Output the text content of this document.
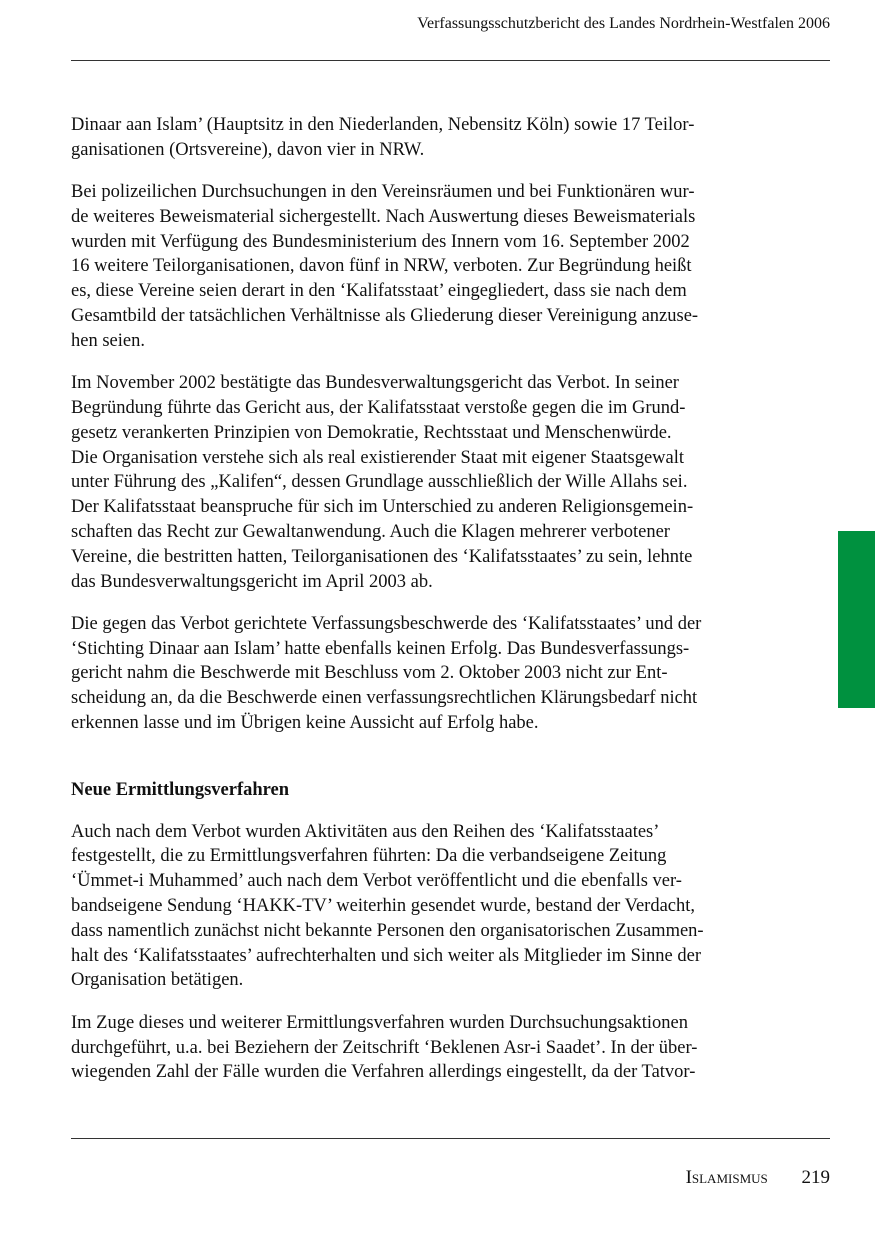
Verfassungsschutzbericht des Landes Nordrhein-Westfalen 2006

Dinaar aan Islam’ (Hauptsitz in den Niederlanden, Nebensitz Köln) sowie 17 Teilor-
ganisationen (Ortsvereine), davon vier in NRW.

Bei polizeilichen Durchsuchungen in den Vereinsräumen und bei Funktionären wur-
de weiteres Beweismaterial sichergestellt. Nach Auswertung dieses Beweismaterials
wurden mit Verfügung des Bundesministerium des Innern vom 16. September 2002
16 weitere Teilorganisationen, davon fünf in NRW, verboten. Zur Begründung heißt
es, diese Vereine seien derart in den ‘Kalifatsstaat’ eingegliedert, dass sie nach dem
Gesamtbild der tatsächlichen Verhältnisse als Gliederung dieser Vereinigung anzuse-
hen seien.

Im November 2002 bestätigte das Bundesverwaltungsgericht das Verbot. In seiner
Begründung führte das Gericht aus, der Kalifatsstaat verstoße gegen die im Grund-
gesetz verankerten Prinzipien von Demokratie, Rechtsstaat und Menschenwürde.
Die Organisation verstehe sich als real existierender Staat mit eigener Staatsgewalt
unter Führung des „Kalifen“, dessen Grundlage ausschließlich der Wille Allahs sei.
Der Kalifatsstaat beanspruche für sich im Unterschied zu anderen Religionsgemein-
schaften das Recht zur Gewaltanwendung. Auch die Klagen mehrerer verbotener
Vereine, die bestritten hatten, Teilorganisationen des ‘Kalifatsstaates’ zu sein, lehnte
das Bundesverwaltungsgericht im April 2003 ab.

Die gegen das Verbot gerichtete Verfassungsbeschwerde des ‘Kalifatsstaates’ und der
‘Stichting Dinaar aan Islam’ hatte ebenfalls keinen Erfolg. Das Bundesverfassungs-
gericht nahm die Beschwerde mit Beschluss vom 2. Oktober 2003 nicht zur Ent-
scheidung an, da die Beschwerde einen verfassungsrechtlichen Klärungsbedarf nicht
erkennen lasse und im Übrigen keine Aussicht auf Erfolg habe.

Neue Ermittlungsverfahren

Auch nach dem Verbot wurden Aktivitäten aus den Reihen des ‘Kalifatsstaates’
festgestellt, die zu Ermittlungsverfahren führten: Da die verbandseigene Zeitung
‘Ümmet-i Muhammed’ auch nach dem Verbot veröffentlicht und die ebenfalls ver-
bandseigene Sendung ‘HAKK-TV’ weiterhin gesendet wurde, bestand der Verdacht,
dass namentlich zunächst nicht bekannte Personen den organisatorischen Zusammen-
halt des ‘Kalifatsstaates’ aufrechterhalten und sich weiter als Mitglieder im Sinne der
Organisation betätigen.

Im Zuge dieses und weiterer Ermittlungsverfahren wurden Durchsuchungsaktionen
durchgeführt, u.a. bei Beziehern der Zeitschrift ‘Beklenen Asr-i Saadet’. In der über-
wiegenden Zahl der Fälle wurden die Verfahren allerdings eingestellt, da der Tatvor-

Islamismus 219
